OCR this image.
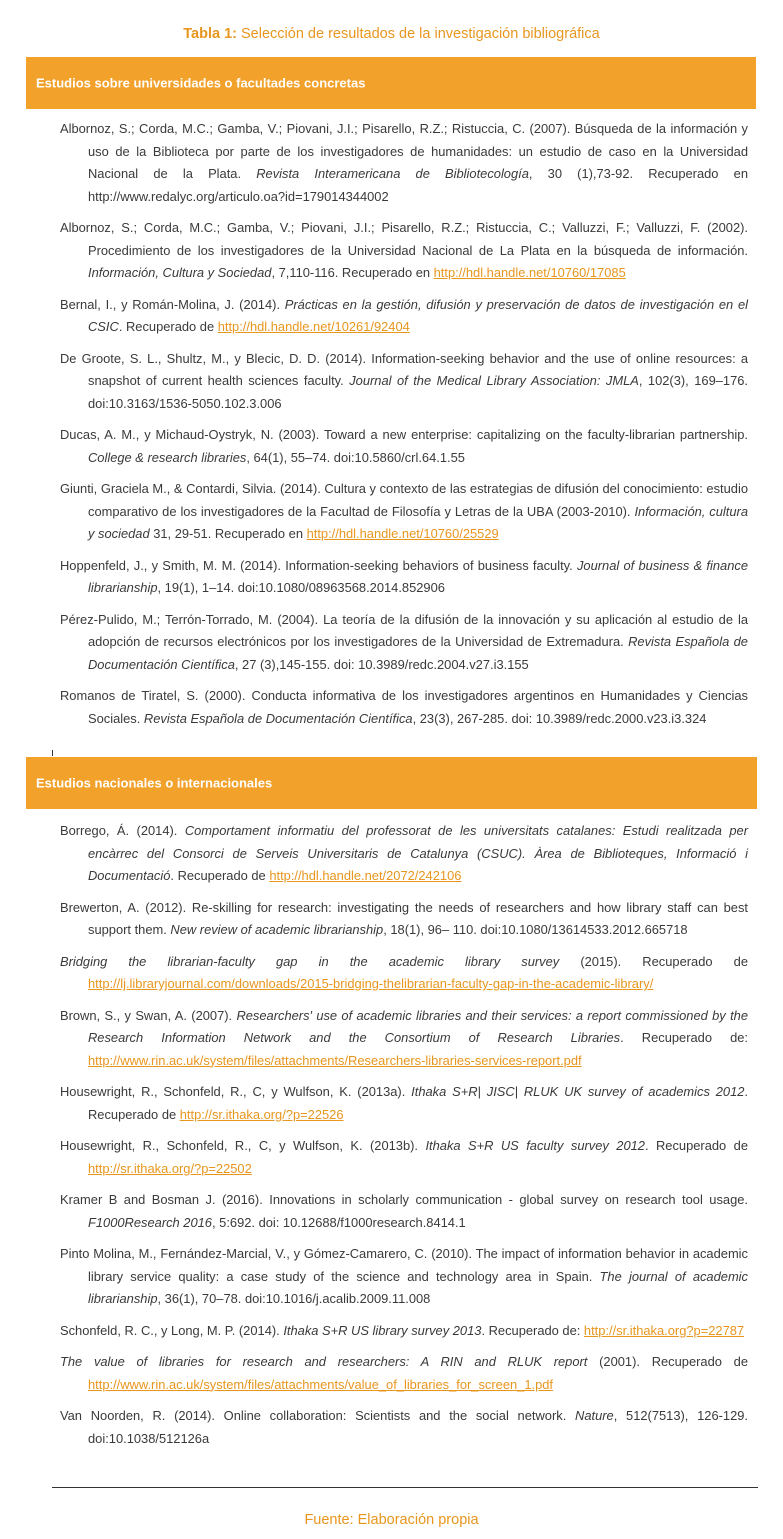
Tabla 1: Selección de resultados de la investigación bibliográfica
Estudios sobre universidades o facultades concretas
Albornoz, S.; Corda, M.C.; Gamba, V.; Piovani, J.I.; Pisarello, R.Z.; Ristuccia, C. (2007). Búsqueda de la información y uso de la Biblioteca por parte de los investigadores de humanidades: un estudio de caso en la Universidad Nacional de la Plata. Revista Interamericana de Bibliotecología, 30 (1),73-92. Recuperado en http://www.redalyc.org/articulo.oa?id=179014344002
Albornoz, S.; Corda, M.C.; Gamba, V.; Piovani, J.I.; Pisarello, R.Z.; Ristuccia, C.; Valluzzi, F.; Valluzzi, F. (2002). Procedimiento de los investigadores de la Universidad Nacional de La Plata en la búsqueda de información. Información, Cultura y Sociedad, 7,110-116. Recuperado en http://hdl.handle.net/10760/17085
Bernal, I., y Román-Molina, J. (2014). Prácticas en la gestión, difusión y preservación de datos de investigación en el CSIC. Recuperado de http://hdl.handle.net/10261/92404
De Groote, S. L., Shultz, M., y Blecic, D. D. (2014). Information-seeking behavior and the use of online resources: a snapshot of current health sciences faculty. Journal of the Medical Library Association: JMLA, 102(3), 169–176. doi:10.3163/1536-5050.102.3.006
Ducas, A. M., y Michaud-Oystryk, N. (2003). Toward a new enterprise: capitalizing on the faculty-librarian partnership. College & research libraries, 64(1), 55–74. doi:10.5860/crl.64.1.55
Giunti, Graciela M., & Contardi, Silvia. (2014). Cultura y contexto de las estrategias de difusión del conocimiento: estudio comparativo de los investigadores de la Facultad de Filosofía y Letras de la UBA (2003-2010). Información, cultura y sociedad 31, 29-51. Recuperado en http://hdl.handle.net/10760/25529
Hoppenfeld, J., y Smith, M. M. (2014). Information-seeking behaviors of business faculty. Journal of business & finance librarianship, 19(1), 1–14. doi:10.1080/08963568.2014.852906
Pérez-Pulido, M.; Terrón-Torrado, M. (2004). La teoría de la difusión de la innovación y su aplicación al estudio de la adopción de recursos electrónicos por los investigadores de la Universidad de Extremadura. Revista Española de Documentación Científica, 27 (3),145-155. doi: 10.3989/redc.2004.v27.i3.155
Romanos de Tiratel, S. (2000). Conducta informativa de los investigadores argentinos en Humanidades y Ciencias Sociales. Revista Española de Documentación Científica, 23(3), 267-285. doi: 10.3989/redc.2000.v23.i3.324
Estudios nacionales o internacionales
Borrego, Á. (2014). Comportament informatiu del professorat de les universitats catalanes: Estudi realitzada per encàrrec del Consorci de Serveis Universitaris de Catalunya (CSUC). Àrea de Biblioteques, Informació i Documentació. Recuperado de http://hdl.handle.net/2072/242106
Brewerton, A. (2012). Re-skilling for research: investigating the needs of researchers and how library staff can best support them. New review of academic librarianship, 18(1), 96– 110. doi:10.1080/13614533.2012.665718
Bridging the librarian-faculty gap in the academic library survey (2015). Recuperado de http://lj.libraryjournal.com/downloads/2015-bridging-thelibrarian-faculty-gap-in-the-academic-library/
Brown, S., y Swan, A. (2007). Researchers' use of academic libraries and their services: a report commissioned by the Research Information Network and the Consortium of Research Libraries. Recuperado de: http://www.rin.ac.uk/system/files/attachments/Researchers-libraries-services-report.pdf
Housewright, R., Schonfeld, R., C, y Wulfson, K. (2013a). Ithaka S+R| JISC| RLUK UK survey of academics 2012. Recuperado de http://sr.ithaka.org/?p=22526
Housewright, R., Schonfeld, R., C, y Wulfson, K. (2013b). Ithaka S+R US faculty survey 2012. Recuperado de http://sr.ithaka.org/?p=22502
Kramer B and Bosman J. (2016). Innovations in scholarly communication - global survey on research tool usage. F1000Research 2016, 5:692. doi: 10.12688/f1000research.8414.1
Pinto Molina, M., Fernández-Marcial, V., y Gómez-Camarero, C. (2010). The impact of information behavior in academic library service quality: a case study of the science and technology area in Spain. The journal of academic librarianship, 36(1), 70–78. doi:10.1016/j.acalib.2009.11.008
Schonfeld, R. C., y Long, M. P. (2014). Ithaka S+R US library survey 2013. Recuperado de: http://sr.ithaka.org?p=22787
The value of libraries for research and researchers: A RIN and RLUK report (2001). Recuperado de http://www.rin.ac.uk/system/files/attachments/value_of_libraries_for_screen_1.pdf
Van Noorden, R. (2014). Online collaboration: Scientists and the social network. Nature, 512(7513), 126-129. doi:10.1038/512126a
Fuente: Elaboración propia
